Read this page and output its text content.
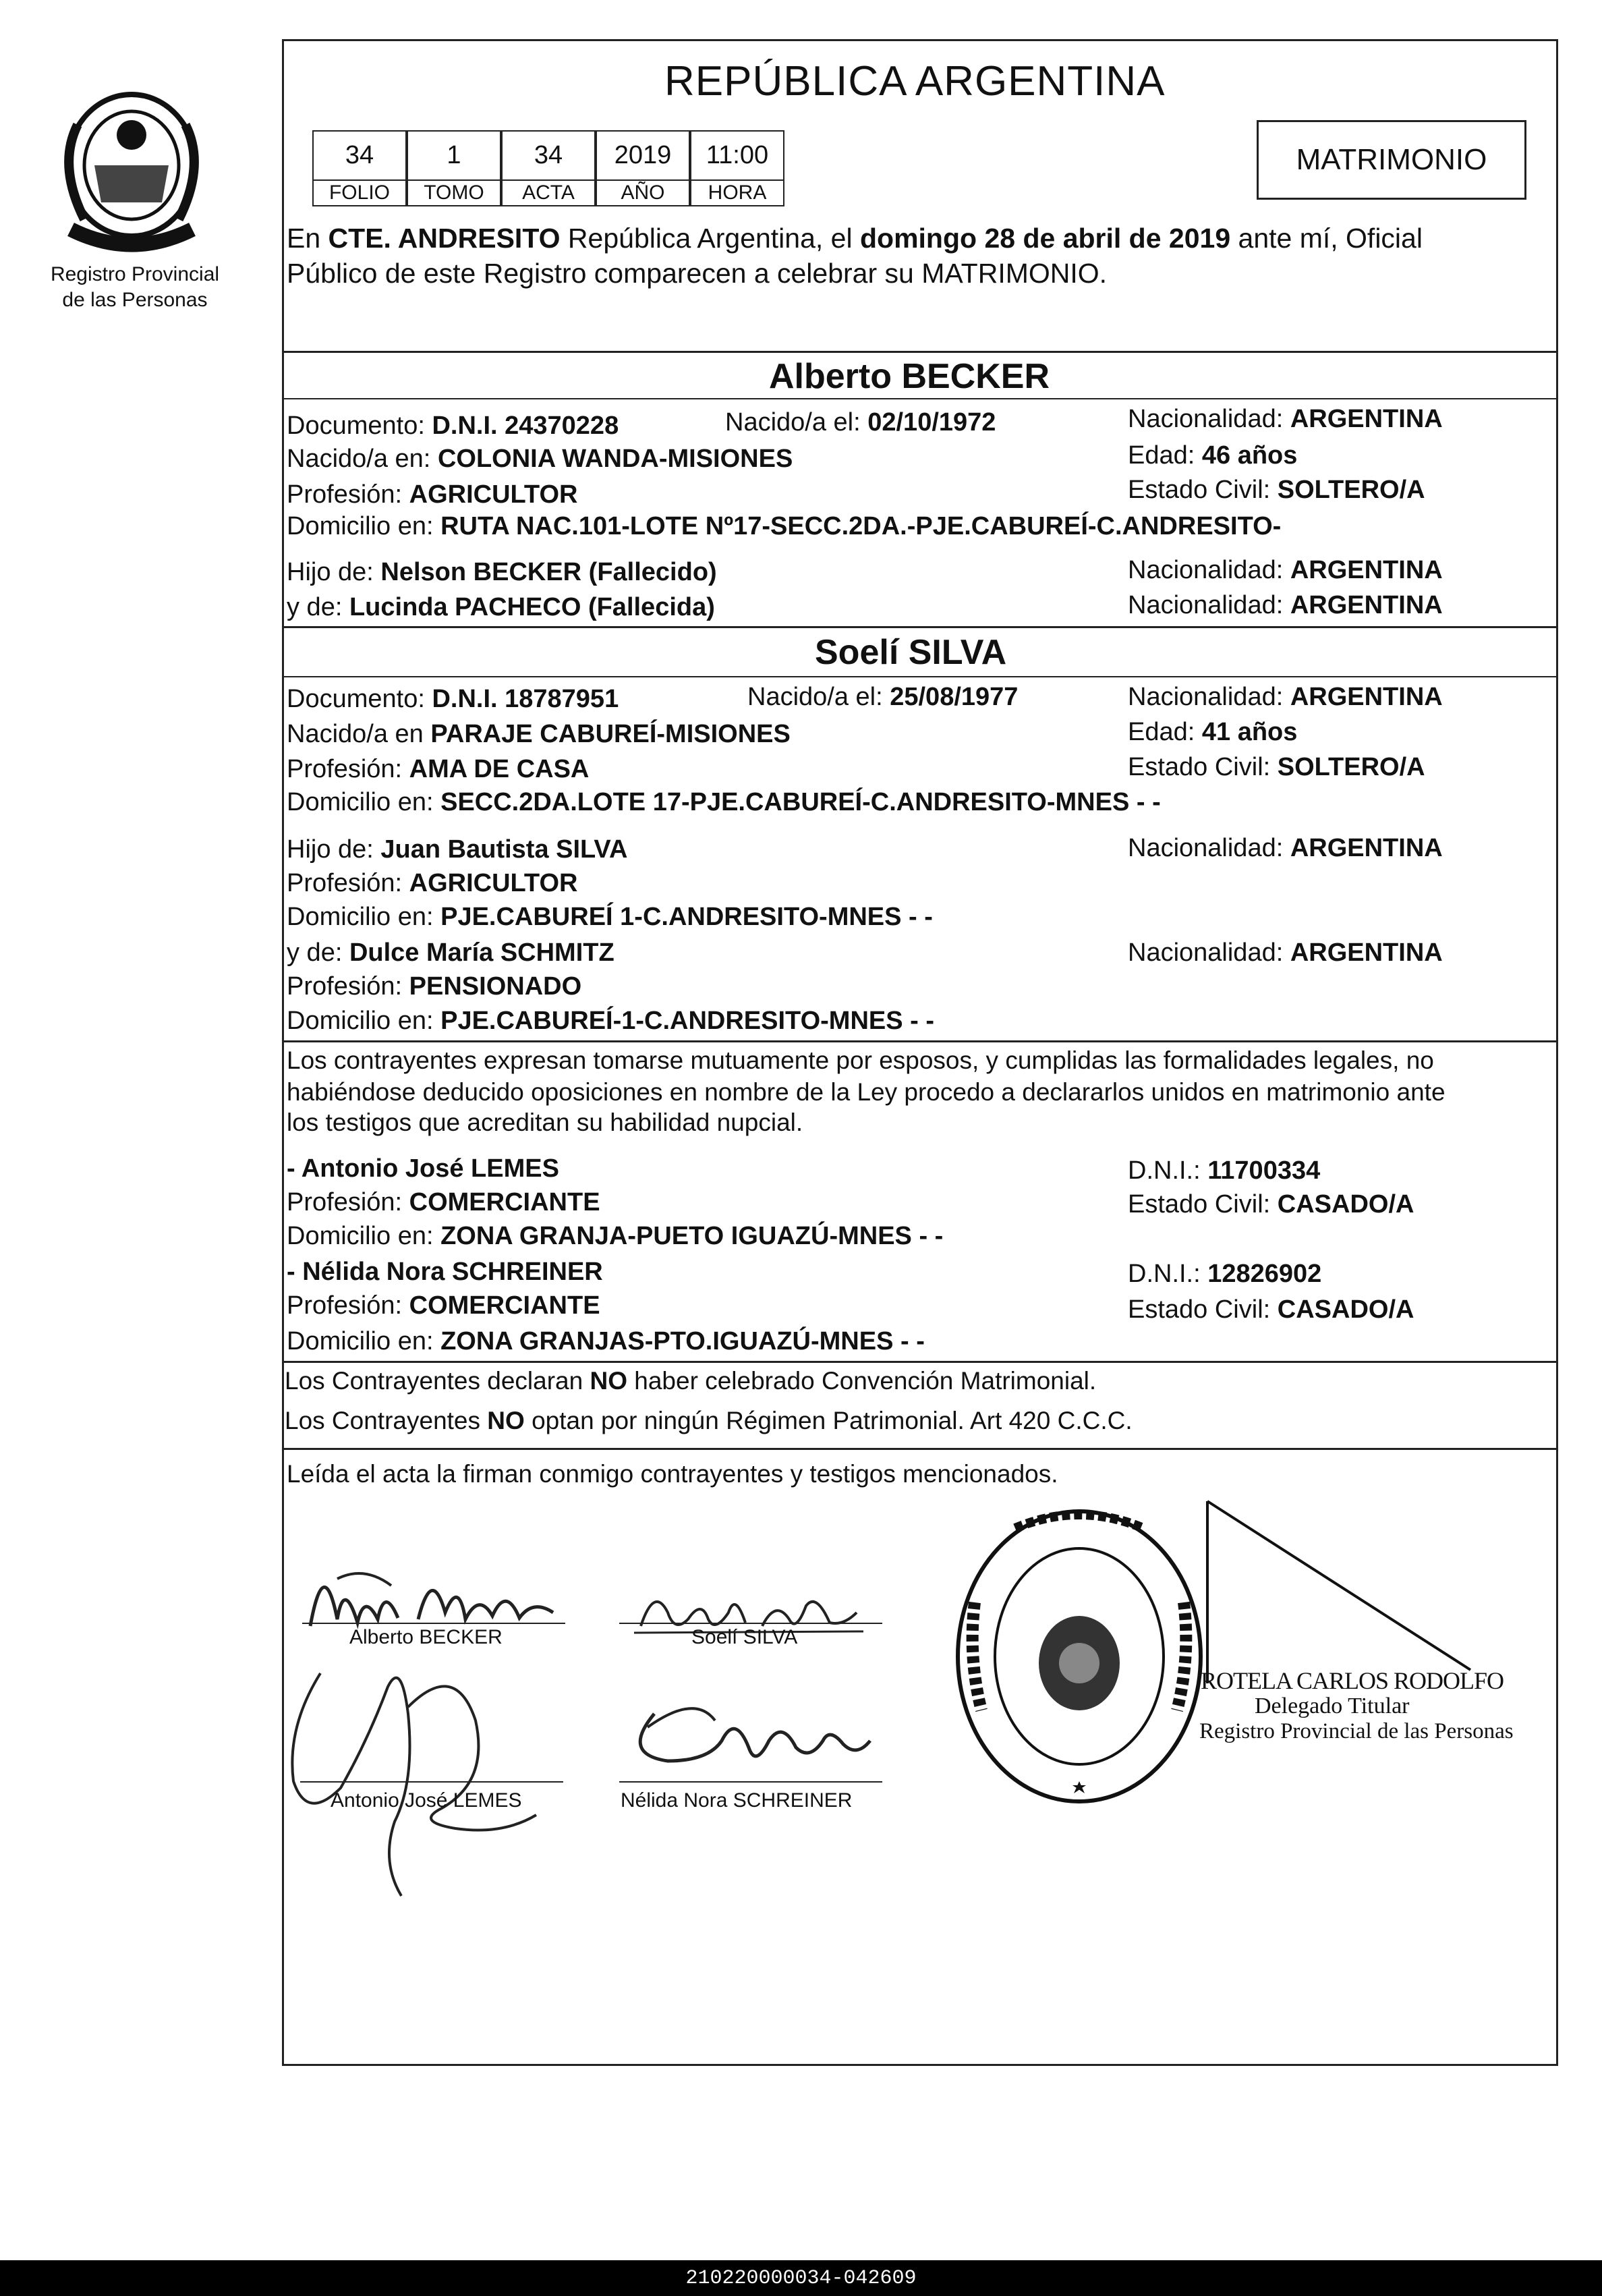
Registro Provincial
de las Personas
REPÚBLICA ARGENTINA
MATRIMONIO
34	1	34	2019	11:00
FOLIO	TOMO	ACTA	AÑO	HORA
En CTE. ANDRESITO República Argentina, el domingo 28 de abril de 2019 ante mí, Oficial
Público de este Registro comparecen a celebrar su MATRIMONIO.
Alberto BECKER
Documento: D.N.I. 24370228	Nacido/a el: 02/10/1972	Nacionalidad: ARGENTINA
Nacido/a en: COLONIA WANDA-MISIONES	Edad: 46 años
Profesión: AGRICULTOR	Estado Civil: SOLTERO/A
Domicilio en: RUTA NAC.101-LOTE Nº17-SECC.2DA.-PJE.CABUREÍ-C.ANDRESITO-
Hijo de: Nelson BECKER (Fallecido)	Nacionalidad: ARGENTINA
y de: Lucinda PACHECO (Fallecida)	Nacionalidad: ARGENTINA
Soelí SILVA
Documento: D.N.I. 18787951	Nacido/a el: 25/08/1977	Nacionalidad: ARGENTINA
Nacido/a en PARAJE CABUREÍ-MISIONES	Edad: 41 años
Profesión: AMA DE CASA	Estado Civil: SOLTERO/A
Domicilio en: SECC.2DA.LOTE 17-PJE.CABUREÍ-C.ANDRESITO-MNES - -
Hijo de: Juan Bautista SILVA	Nacionalidad: ARGENTINA
Profesión: AGRICULTOR
Domicilio en: PJE.CABUREÍ 1-C.ANDRESITO-MNES - -
y de: Dulce María SCHMITZ	Nacionalidad: ARGENTINA
Profesión: PENSIONADO
Domicilio en: PJE.CABUREÍ-1-C.ANDRESITO-MNES - -
Los contrayentes expresan tomarse mutuamente por esposos, y cumplidas las formalidades legales, no
habiéndose deducido oposiciones en nombre de la Ley procedo a declararlos unidos en matrimonio ante
los testigos que acreditan su habilidad nupcial.
- Antonio José LEMES	D.N.I.: 11700334
Profesión: COMERCIANTE	Estado Civil: CASADO/A
Domicilio en: ZONA GRANJA-PUETO IGUAZÚ-MNES - -
- Nélida Nora SCHREINER	D.N.I.: 12826902
Profesión: COMERCIANTE	Estado Civil: CASADO/A
Domicilio en: ZONA GRANJAS-PTO.IGUAZÚ-MNES - -
Los Contrayentes declaran NO haber celebrado Convención Matrimonial.
Los Contrayentes NO optan por ningún Régimen Patrimonial. Art 420 C.C.C.
Leída el acta la firman conmigo contrayentes y testigos mencionados.
Alberto BECKER	Soelí SILVA
Antonio José LEMES	Nélida Nora SCHREINER
ROTELA CARLOS RODOLFO
Delegado Titular
Registro Provincial de las Personas
210220000034-042609
